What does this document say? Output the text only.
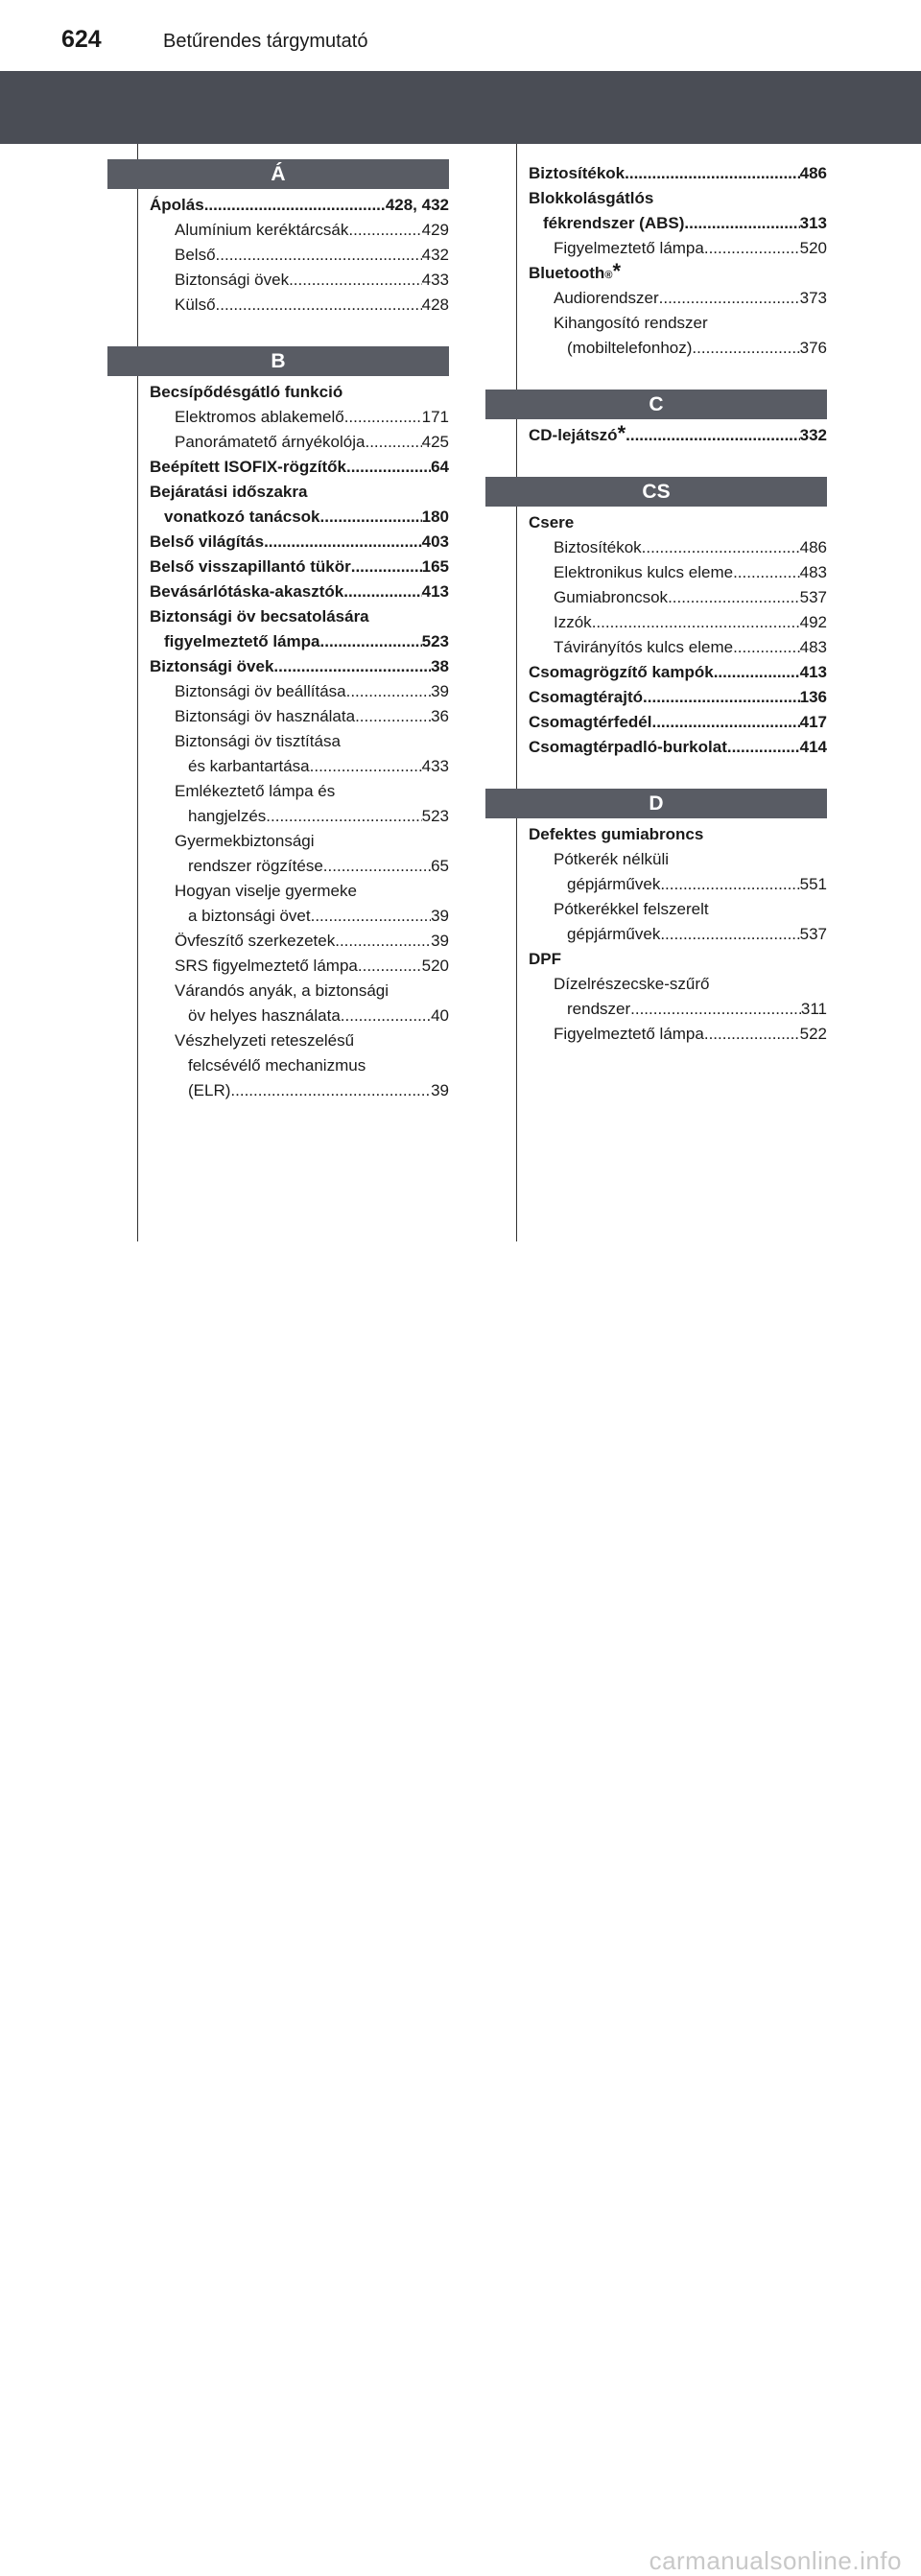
624	Betűrendes tárgymutató
Á
Ápolás .....	428, 432
Alumínium keréktárcsák .....	429
Belső .....	432
Biztonsági övek .....	433
Külső .....	428
B
Becsípődésgátló funkció
Elektromos ablakemelő .....	171
Panorámatető árnyékolója .....	425
Beépített ISOFIX-rögzítők .....	64
Bejáratási időszakra
vonatkozó tanácsok .....	180
Belső világítás .....	403
Belső visszapillantó tükör .....	165
Bevásárlótáska-akasztók .....	413
Biztonsági öv becsatolására
figyelmeztető lámpa .....	523
Biztonsági övek .....	38
Biztonsági öv beállítása .....	39
Biztonsági öv használata .....	36
Biztonsági öv tisztítása
és karbantartása .....	433
Emlékeztető lámpa és
hangjelzés .....	523
Gyermekbiztonsági
rendszer rögzítése .....	65
Hogyan viselje gyermeke
a biztonsági övet .....	39
Övfeszítő szerkezetek .....	39
SRS figyelmeztető lámpa .....	520
Várandós anyák, a biztonsági
öv helyes használata .....	40
Vészhelyzeti reteszelésű
felcsévélő mechanizmus
(ELR) .....	39
Biztosítékok .....	486
Blokkolásgátlós
fékrendszer (ABS) .....	313
Figyelmeztető lámpa .....	520
Bluetooth ® *
Audiorendszer .....	373
Kihangosító rendszer
(mobiltelefonhoz) .....	376
C
CD-lejátszó * .....	332
CS
Csere
Biztosítékok .....	486
Elektronikus kulcs eleme .....	483
Gumiabroncsok .....	537
Izzók .....	492
Távirányítós kulcs eleme .....	483
Csomagrögzítő kampók .....	413
Csomagtérajtó .....	136
Csomagtérfedél .....	417
Csomagtérpadló-burkolat .....	414
D
Defektes gumiabroncs
Pótkerék nélküli
gépjárművek .....	551
Pótkerékkel felszerelt
gépjárművek .....	537
DPF
Dízelrészecske-szűrő
rendszer .....	311
Figyelmeztető lámpa .....	522
carmanualsonline.info
